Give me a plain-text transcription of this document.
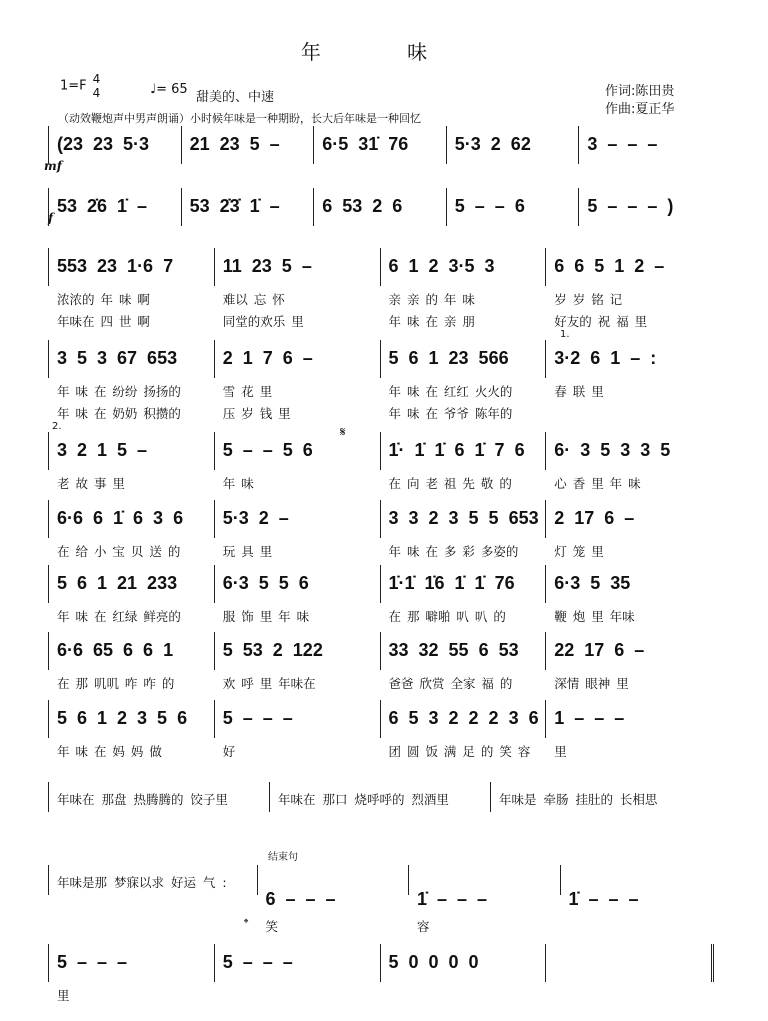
年 味
1=F 4
4	♩= 65
甜美的、中速	作词:陈田贵
作曲:夏正华
（动效鞭炮声中男声朗诵）小时候年味是一种期盼，长大后年味是一种回忆
mf
f
1.
2.	𝄋
结束句
𝄌
(23 23 5·3	21 23 5 –	6·5 31̇ 76	5·3 2 62	3 – – –
53 2̇6 1̇ –	53 2̇3̇ 1̇ –	6 53 2 6	5 – – 6	5 – – – )
553 23 1·6 7
浓浓的 年 味 啊
年味在 四 世 啊
11 23 5 –
难以 忘 怀
同堂的欢乐 里
6 1 2 3·5 3
亲 亲 的 年 味
年 味 在 亲 朋
6 6 5 1 2 –
岁 岁 铭 记
好友的 祝 福 里
3 5 3 67 653
年 味 在 纷纷 扬扬的
年 味 在 奶奶 积攒的
2 1 7 6 –
雪 花 里
压 岁 钱 里
5 6 1 23 566
年 味 在 红红 火火的
年 味 在 爷爷 陈年的
3·2 6 1 – :
春 联 里
3 2 1 5 –
老 故 事 里
5 – – 5 6
年 味
1̇· 1̇ 1̇ 6 1̇ 7 6
在 向 老 祖 先 敬 的
6· 3 5 3 3 5
心 香 里 年 味
6·6 6 1̇ 6 3 6
在 给 小 宝 贝 送 的
5·3 2 –
玩 具 里
3 3 2 3 5 5 653
年 味 在 多 彩 多姿的
2 17 6 –
灯 笼 里
5 6 1 21 233
年 味 在 红绿 鲜亮的
6·3 5 5 6
服 饰 里 年 味
1̇·1̇ 1̇6 1̇ 1̇ 76
在 那 噼啪 叭 叭 的
6·3 5 35
鞭 炮 里 年味
6·6 65 6 6 1
在 那 叽叽 咋 咋 的
5 53 2 122
欢 呼 里 年味在
33 32 55 6 53
爸爸 欣赏 全家 福 的
22 17 6 –
深情 眼神 里
5 6 1 2 3 5 6
年 味 在 妈 妈 做
5 – – –
好
6 5 3 2 2 2 3 6
团 圆 饭 满 足 的 笑 容
1 – – –
里
年味在 那盘 热腾腾的 饺子里	年味在 那口 烧呼呼的 烈酒里	年味是 牵肠 挂肚的 长相思
年味是那 梦寐以求 好运 气 :
6 – – –
笑
1̇ – – –
容
1̇ – – –
5 – – –
里
5 – – –	5 0 0 0 0
